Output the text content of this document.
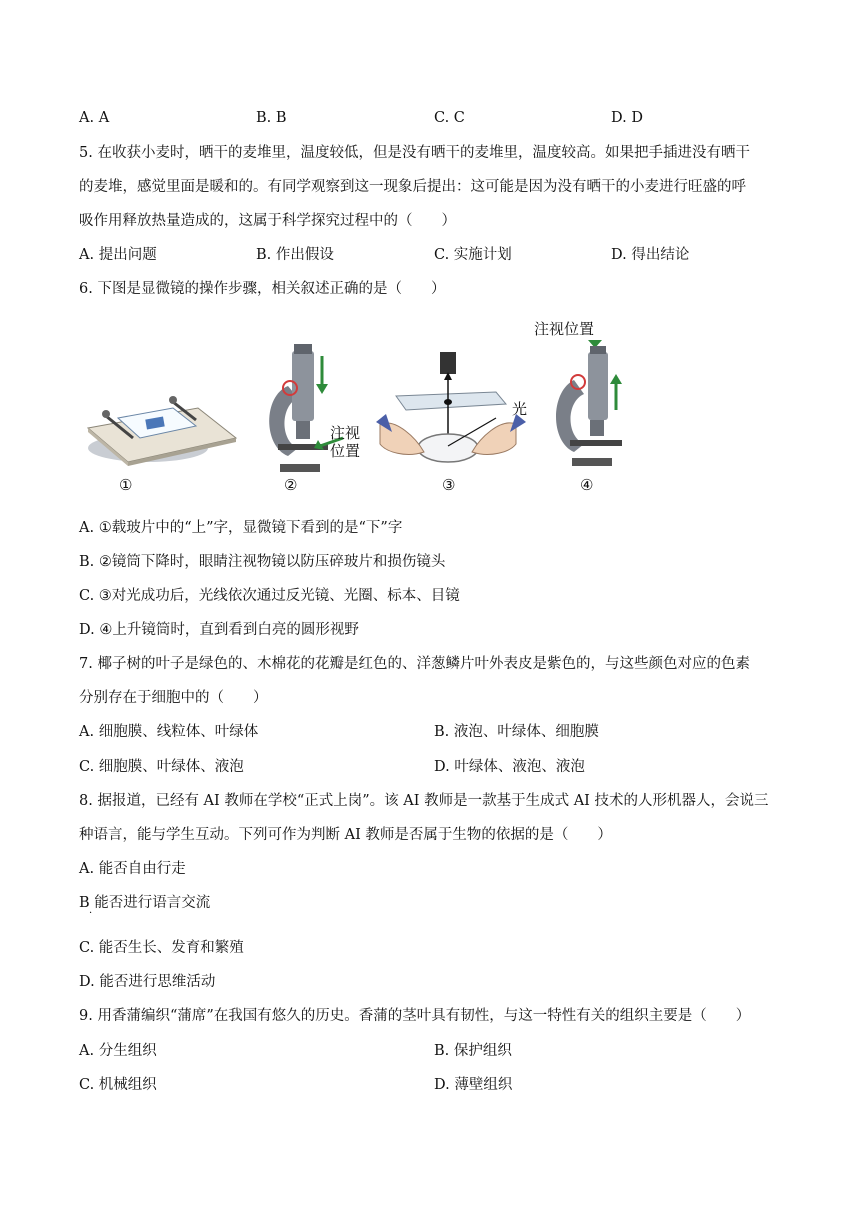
A. A	B. B	C. C	D. D
5. 在收获小麦时，晒干的麦堆里，温度较低，但是没有晒干的麦堆里，温度较高。如果把手插进没有晒干
的麦堆，感觉里面是暖和的。有同学观察到这一现象后提出：这可能是因为没有晒干的小麦进行旺盛的呼
吸作用释放热量造成的，这属于科学探究过程中的（　　）
A. 提出问题	B. 作出假设	C. 实施计划	D. 得出结论
6. 下图是显微镜的操作步骤，相关叙述正确的是（　　）
注视
位置
光
注视位置
①	②	③	④
A. ①载玻片中的“上”字，显微镜下看到的是“下”字
B. ②镜筒下降时，眼睛注视物镜以防压碎玻片和损伤镜头
C. ③对光成功后，光线依次通过反光镜、光圈、标本、目镜
D. ④上升镜筒时，直到看到白亮的圆形视野
7. 椰子树的叶子是绿色的、木棉花的花瓣是红色的、洋葱鳞片叶外表皮是紫色的，与这些颜色对应的色素
分别存在于细胞中的（　　）
A. 细胞膜、线粒体、叶绿体	B. 液泡、叶绿体、细胞膜
C. 细胞膜、叶绿体、液泡	D. 叶绿体、液泡、液泡
8. 据报道，已经有 AI 教师在学校“正式上岗”。该 AI 教师是一款基于生成式 AI 技术的人形机器人，会说三
种语言，能与学生互动。下列可作为判断 AI 教师是否属于生物的依据的是（　　）
A. 能否自由行走
B 能否进行语言交流
·
C. 能否生长、发育和繁殖
D. 能否进行思维活动
9. 用香蒲编织“蒲席”在我国有悠久的历史。香蒲的茎叶具有韧性，与这一特性有关的组织主要是（　　）
A. 分生组织	B. 保护组织
C. 机械组织	D. 薄壁组织
